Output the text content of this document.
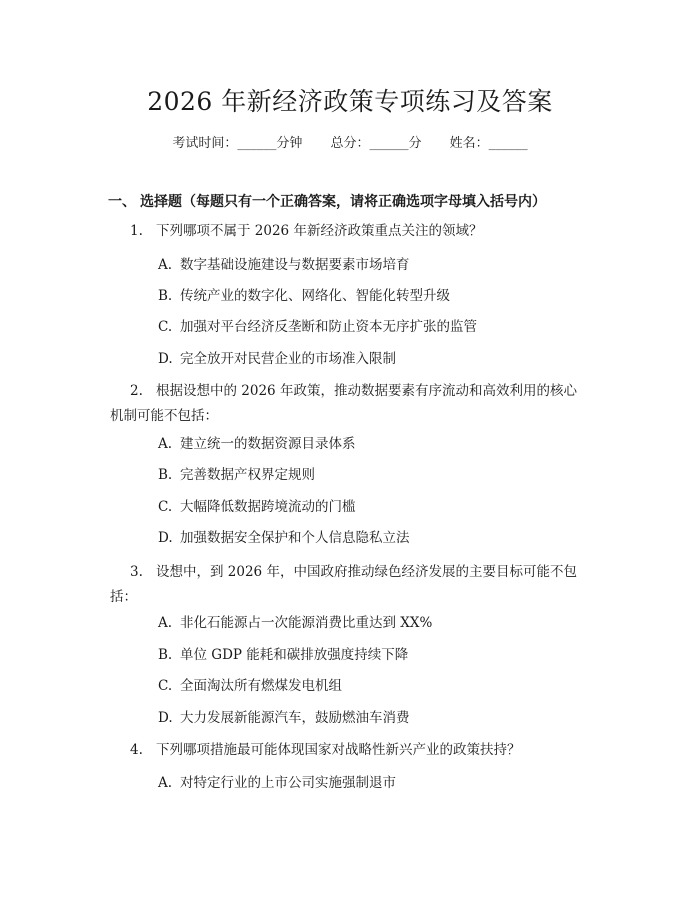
2026 年新经济政策专项练习及答案
考试时间：______分钟 总分：______分 姓名：______
一、 选择题（每题只有一个正确答案，请将正确选项字母填入括号内）
1. 下列哪项不属于 2026 年新经济政策重点关注的领域？
A. 数字基础设施建设与数据要素市场培育
B. 传统产业的数字化、网络化、智能化转型升级
C. 加强对平台经济反垄断和防止资本无序扩张的监管
D. 完全放开对民营企业的市场准入限制
2. 根据设想中的 2026 年政策，推动数据要素有序流动和高效利用的核心机制可能不包括：
A. 建立统一的数据资源目录体系
B. 完善数据产权界定规则
C. 大幅降低数据跨境流动的门槛
D. 加强数据安全保护和个人信息隐私立法
3. 设想中，到 2026 年，中国政府推动绿色经济发展的主要目标可能不包括：
A. 非化石能源占一次能源消费比重达到 XX%
B. 单位 GDP 能耗和碳排放强度持续下降
C. 全面淘汰所有燃煤发电机组
D. 大力发展新能源汽车，鼓励燃油车消费
4. 下列哪项措施最可能体现国家对战略性新兴产业的政策扶持？
A. 对特定行业的上市公司实施强制退市
